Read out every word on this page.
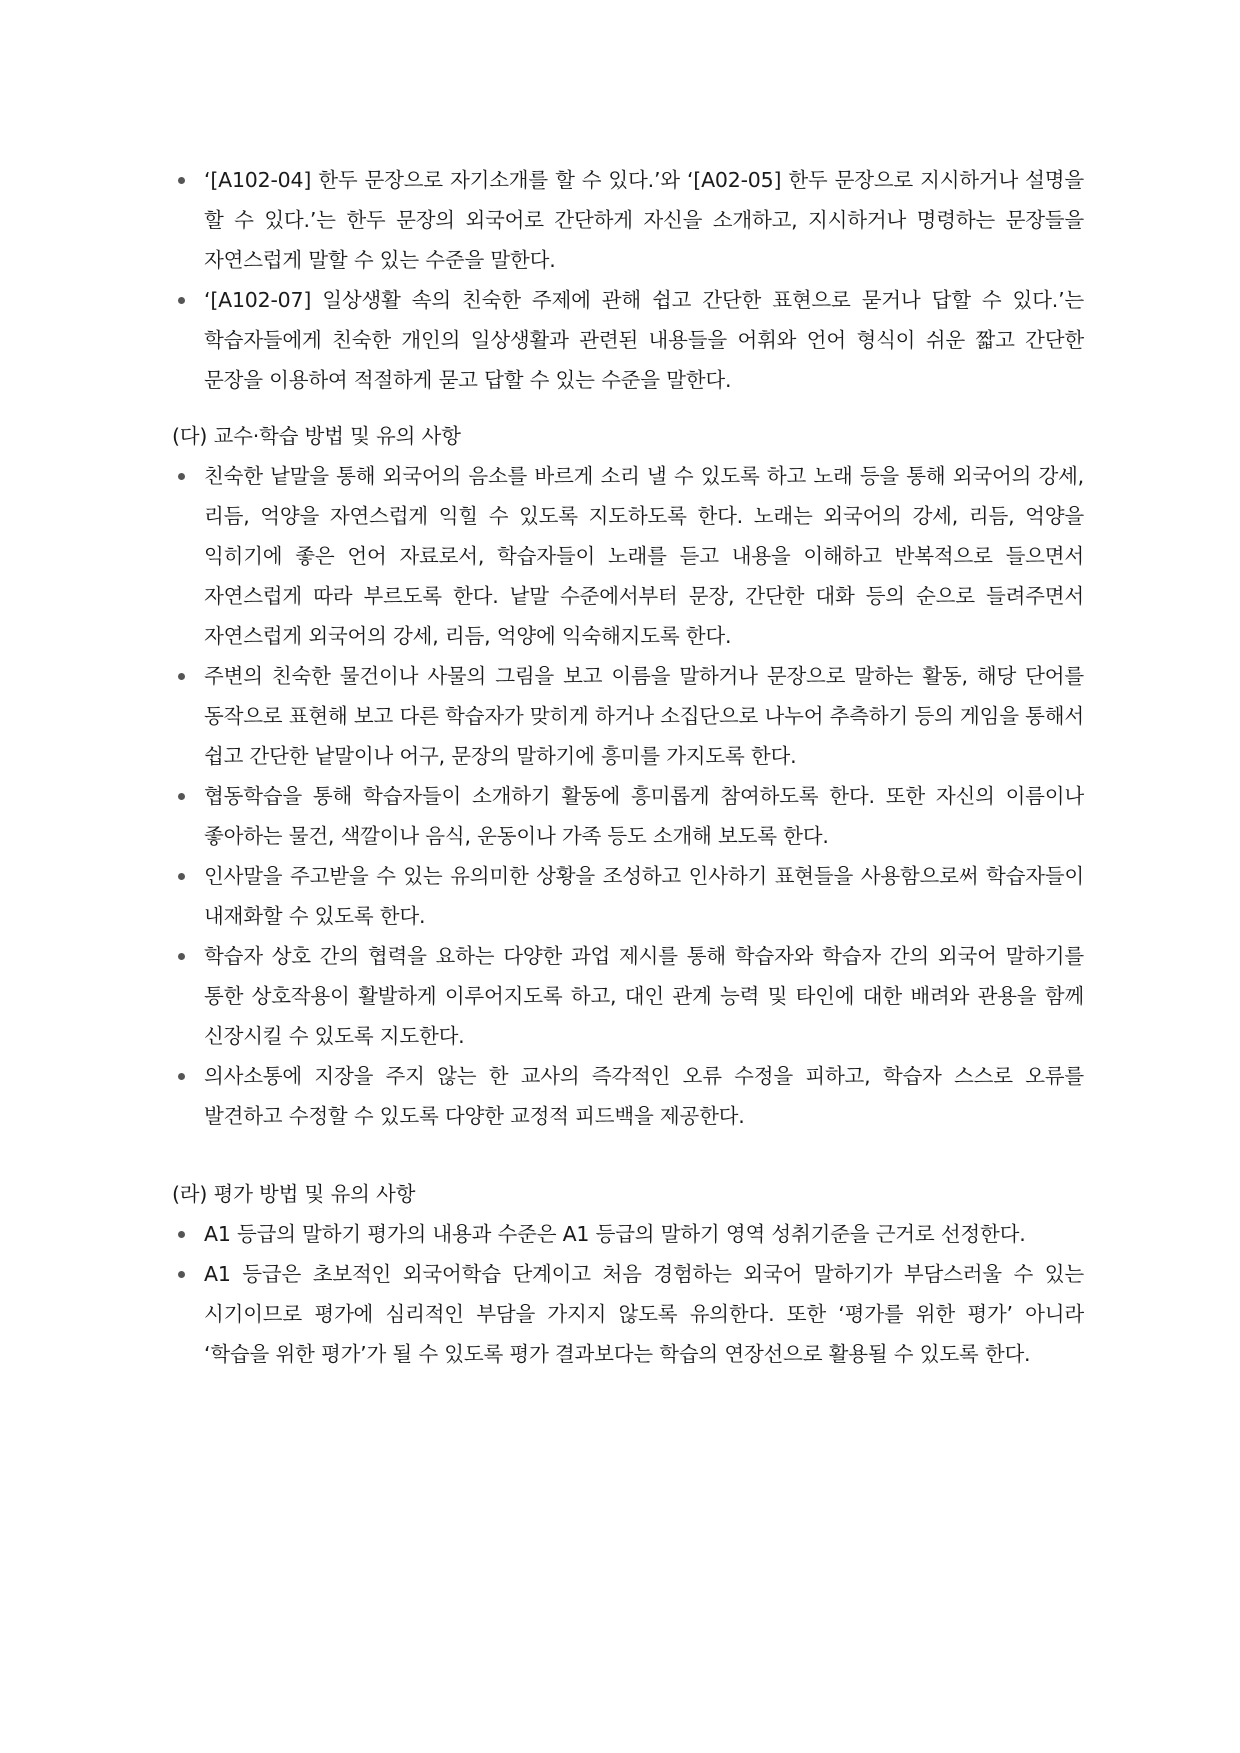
‘[A102-04] 한두 문장으로 자기소개를 할 수 있다.’와 ‘[A02-05] 한두 문장으로 지시하거나 설명을 할 수 있다.’는 한두 문장의 외국어로 간단하게 자신을 소개하고, 지시하거나 명령하는 문장들을 자연스럽게 말할 수 있는 수준을 말한다.
‘[A102-07] 일상생활 속의 친숙한 주제에 관해 쉽고 간단한 표현으로 묻거나 답할 수 있다.’는 학습자들에게 친숙한 개인의 일상생활과 관련된 내용들을 어휘와 언어 형식이 쉬운 짧고 간단한 문장을 이용하여 적절하게 묻고 답할 수 있는 수준을 말한다.
(다) 교수·학습 방법 및 유의 사항
친숙한 낱말을 통해 외국어의 음소를 바르게 소리 낼 수 있도록 하고 노래 등을 통해 외국어의 강세, 리듬, 억양을 자연스럽게 익힐 수 있도록 지도하도록 한다. 노래는 외국어의 강세, 리듬, 억양을 익히기에 좋은 언어 자료로서, 학습자들이 노래를 듣고 내용을 이해하고 반복적으로 들으면서 자연스럽게 따라 부르도록 한다. 낱말 수준에서부터 문장, 간단한 대화 등의 순으로 들려주면서 자연스럽게 외국어의 강세, 리듬, 억양에 익숙해지도록 한다.
주변의 친숙한 물건이나 사물의 그림을 보고 이름을 말하거나 문장으로 말하는 활동, 해당 단어를 동작으로 표현해 보고 다른 학습자가 맞히게 하거나 소집단으로 나누어 추측하기 등의 게임을 통해서 쉽고 간단한 낱말이나 어구, 문장의 말하기에 흥미를 가지도록 한다.
협동학습을 통해 학습자들이 소개하기 활동에 흥미롭게 참여하도록 한다. 또한 자신의 이름이나 좋아하는 물건, 색깔이나 음식, 운동이나 가족 등도 소개해 보도록 한다.
인사말을 주고받을 수 있는 유의미한 상황을 조성하고 인사하기 표현들을 사용함으로써 학습자들이 내재화할 수 있도록 한다.
학습자 상호 간의 협력을 요하는 다양한 과업 제시를 통해 학습자와 학습자 간의 외국어 말하기를 통한 상호작용이 활발하게 이루어지도록 하고, 대인 관계 능력 및 타인에 대한 배려와 관용을 함께 신장시킬 수 있도록 지도한다.
의사소통에 지장을 주지 않는 한 교사의 즉각적인 오류 수정을 피하고, 학습자 스스로 오류를 발견하고 수정할 수 있도록 다양한 교정적 피드백을 제공한다.
(라) 평가 방법 및 유의 사항
A1 등급의 말하기 평가의 내용과 수준은 A1 등급의 말하기 영역 성취기준을 근거로 선정한다.
A1 등급은 초보적인 외국어학습 단계이고 처음 경험하는 외국어 말하기가 부담스러울 수 있는 시기이므로 평가에 심리적인 부담을 가지지 않도록 유의한다. 또한 ‘평가를 위한 평가’ 아니라 ‘학습을 위한 평가’가 될 수 있도록 평가 결과보다는 학습의 연장선으로 활용될 수 있도록 한다.
